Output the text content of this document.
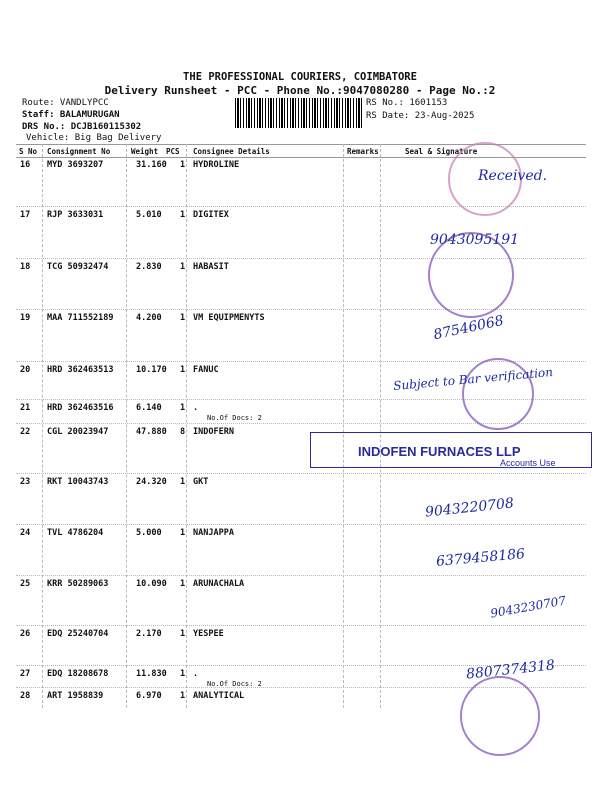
THE PROFESSIONAL COURIERS, COIMBATORE
Delivery Runsheet - PCC - Phone No.:9047080280 - Page No.:2
Route: VANDLYPCC
Staff: BALAMURUGAN
DRS No.: DCJB160115302
Vehicle: Big Bag Delivery
RS No.: 1601153
RS Date: 23-Aug-2025
S No Consignment No	Weight PCS Consignee Details	Remarks	Seal & Signature
16 MYD 3693207	31.160 1 HYDROLINE
17 RJP 3633031	5.010 1 DIGITEX
18 TCG 50932474	2.830 1 HABASIT
19 MAA 711552189	4.200 1 VM EQUIPMENYTS
20 HRD 362463513	10.170 1 FANUC
21 HRD 362463516	6.140 1 .
No.Of Docs: 2
22 CGL 20023947	47.880 8 INDOFERN
23 RKT 10043743	24.320 1 GKT
24 TVL 4786204	5.000 1 NANJAPPA
25 KRR 50289063	10.090 1 ARUNACHALA
26 EDQ 25240704	2.170 1 YESPEE
27 EDQ 18208678	11.830 1 .
No.Of Docs: 2
28 ART 1958839	6.970 1 ANALYTICAL
INDOFEN FURNACES LLP
Accounts Use
Received.
9043095191
87546068
Subject to Bar verification
9043220708
6379458186
9043230707
8807374318
